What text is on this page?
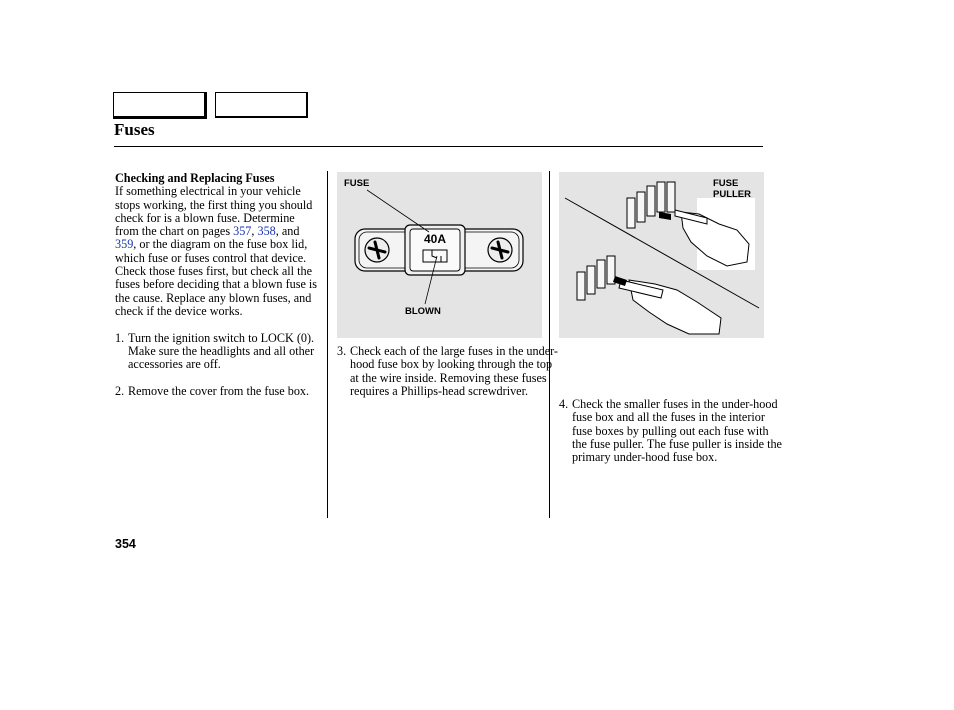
Fuses
Checking and Replacing Fuses
If something electrical in your vehicle stops working, the first thing you should check for is a blown fuse. Determine from the chart on pages 357, 358, and 359, or the diagram on the fuse box lid, which fuse or fuses control that device. Check those fuses first, but check all the fuses before deciding that a blown fuse is the cause. Replace any blown fuses, and check if the device works.
1. Turn the ignition switch to LOCK (0). Make sure the headlights and all other accessories are off.
2. Remove the cover from the fuse box.
FUSE
40A
BLOWN
FUSE PULLER
3. Check each of the large fuses in the under-hood fuse box by looking through the top at the wire inside. Removing these fuses requires a Phillips-head screwdriver.
4. Check the smaller fuses in the under-hood fuse box and all the fuses in the interior fuse boxes by pulling out each fuse with the fuse puller. The fuse puller is inside the primary under-hood fuse box.
354
